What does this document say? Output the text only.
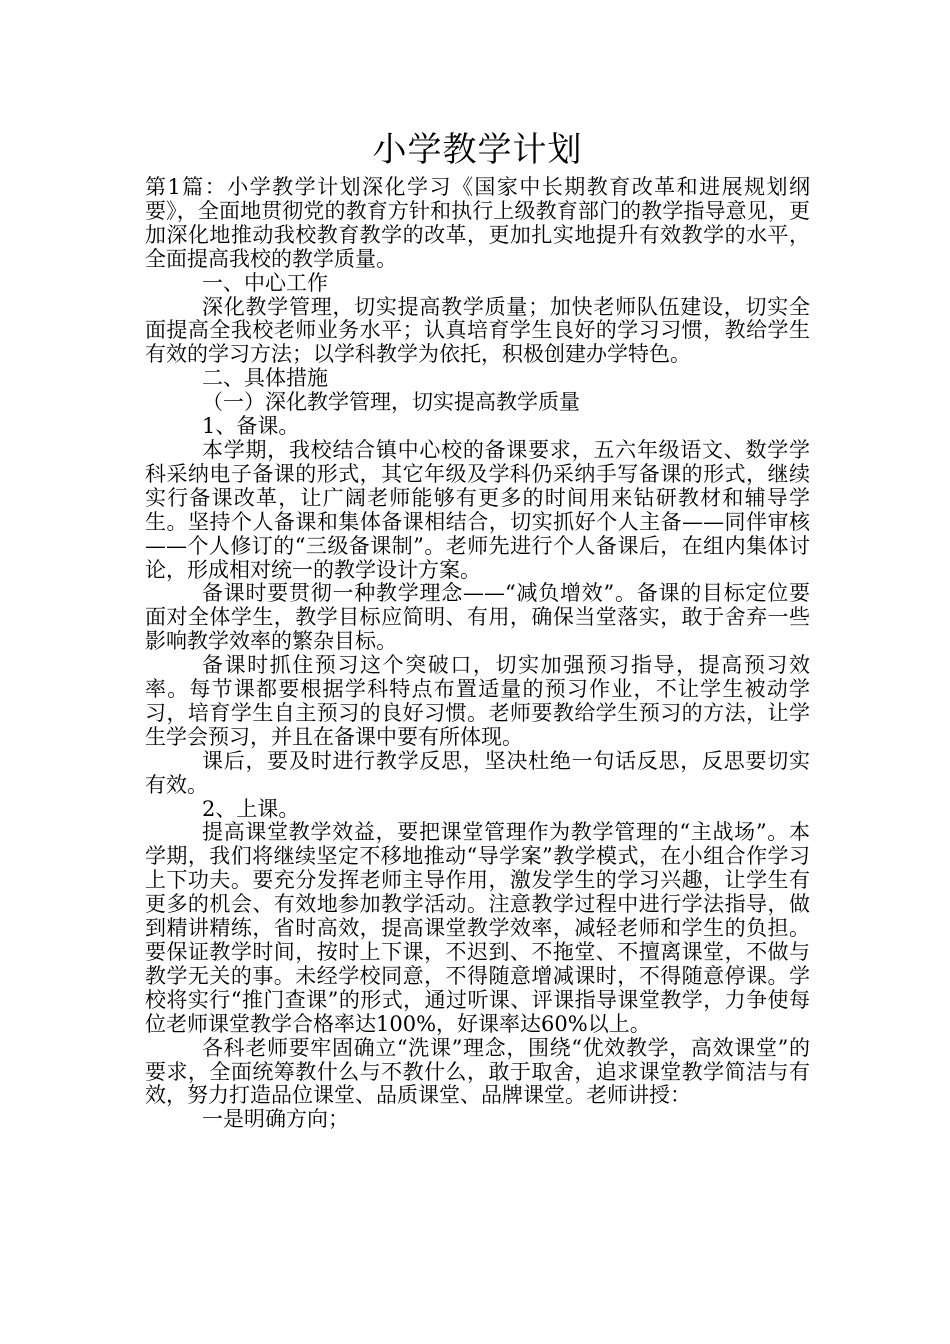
小学教学计划

第1篇：小学教学计划深化学习《国家中长期教育改革和进展规划纲要》，全面地贯彻党的教育方针和执行上级教育部门的教学指导意见，更加深化地推动我校教育教学的改革，更加扎实地提升有效教学的水平，全面提高我校的教学质量。

一、中心工作

深化教学管理，切实提高教学质量；加快老师队伍建设，切实全面提高全我校老师业务水平；认真培育学生良好的学习习惯，教给学生有效的学习方法；以学科教学为依托，积极创建办学特色。

二、具体措施

（一）深化教学管理，切实提高教学质量

1、备课。

本学期，我校结合镇中心校的备课要求，五六年级语文、数学学科采纳电子备课的形式，其它年级及学科仍采纳手写备课的形式，继续实行备课改革，让广阔老师能够有更多的时间用来钻研教材和辅导学生。坚持个人备课和集体备课相结合，切实抓好个人主备——同伴审核——个人修订的“三级备课制”。老师先进行个人备课后，在组内集体讨论，形成相对统一的教学设计方案。

备课时要贯彻一种教学理念——“减负增效”。备课的目标定位要面对全体学生，教学目标应简明、有用，确保当堂落实，敢于舍弃一些影响教学效率的繁杂目标。

备课时抓住预习这个突破口，切实加强预习指导，提高预习效率。每节课都要根据学科特点布置适量的预习作业，不让学生被动学习，培育学生自主预习的良好习惯。老师要教给学生预习的方法，让学生学会预习，并且在备课中要有所体现。

课后，要及时进行教学反思，坚决杜绝一句话反思，反思要切实有效。

2、上课。

提高课堂教学效益，要把课堂管理作为教学管理的“主战场”。本学期，我们将继续坚定不移地推动“导学案”教学模式，在小组合作学习上下功夫。要充分发挥老师主导作用，激发学生的学习兴趣，让学生有更多的机会、有效地参加教学活动。注意教学过程中进行学法指导，做到精讲精练，省时高效，提高课堂教学效率，减轻老师和学生的负担。要保证教学时间，按时上下课，不迟到、不拖堂、不擅离课堂，不做与教学无关的事。未经学校同意，不得随意增减课时，不得随意停课。学校将实行“推门查课”的形式，通过听课、评课指导课堂教学，力争使每位老师课堂教学合格率达100%，好课率达60%以上。

各科老师要牢固确立“洗课”理念，围绕“优效教学，高效课堂”的要求，全面统筹教什么与不教什么，敢于取舍，追求课堂教学简洁与有效，努力打造品位课堂、品质课堂、品牌课堂。老师讲授：

一是明确方向；
